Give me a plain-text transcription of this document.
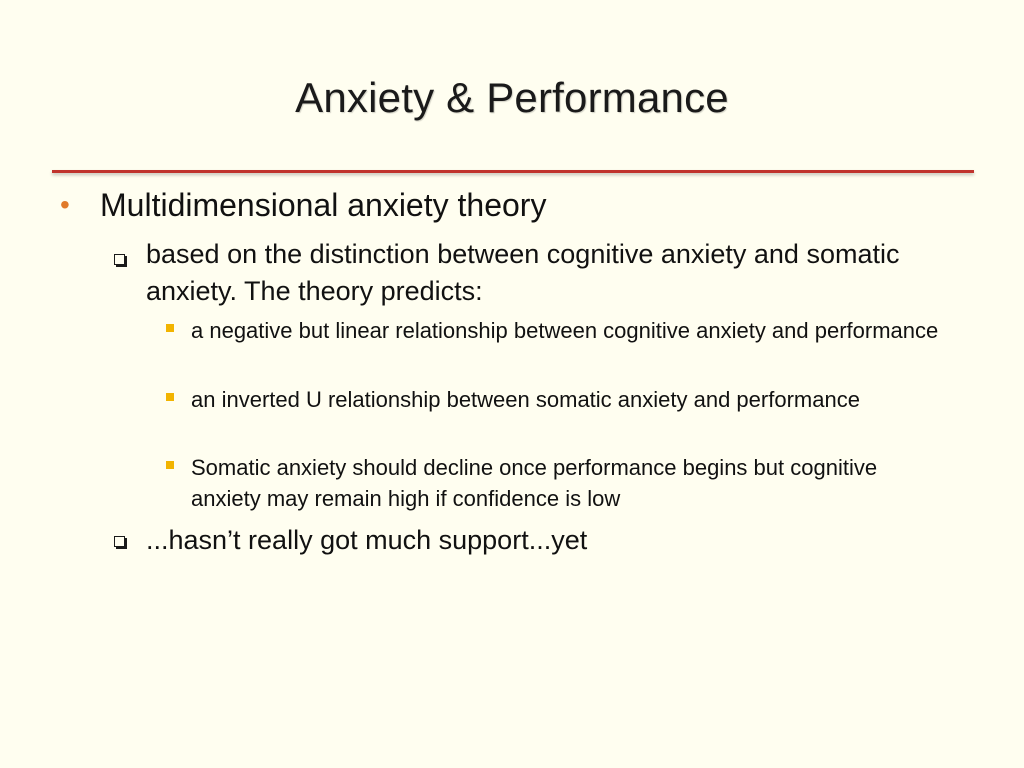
Anxiety & Performance
• Multidimensional anxiety theory
based on the distinction between cognitive anxiety and somatic anxiety. The theory predicts:
a negative but linear relationship between cognitive anxiety and performance
an inverted U relationship between somatic anxiety and performance
Somatic anxiety should decline once performance begins but cognitive anxiety may remain high if confidence is low
...hasn’t really got much support...yet
